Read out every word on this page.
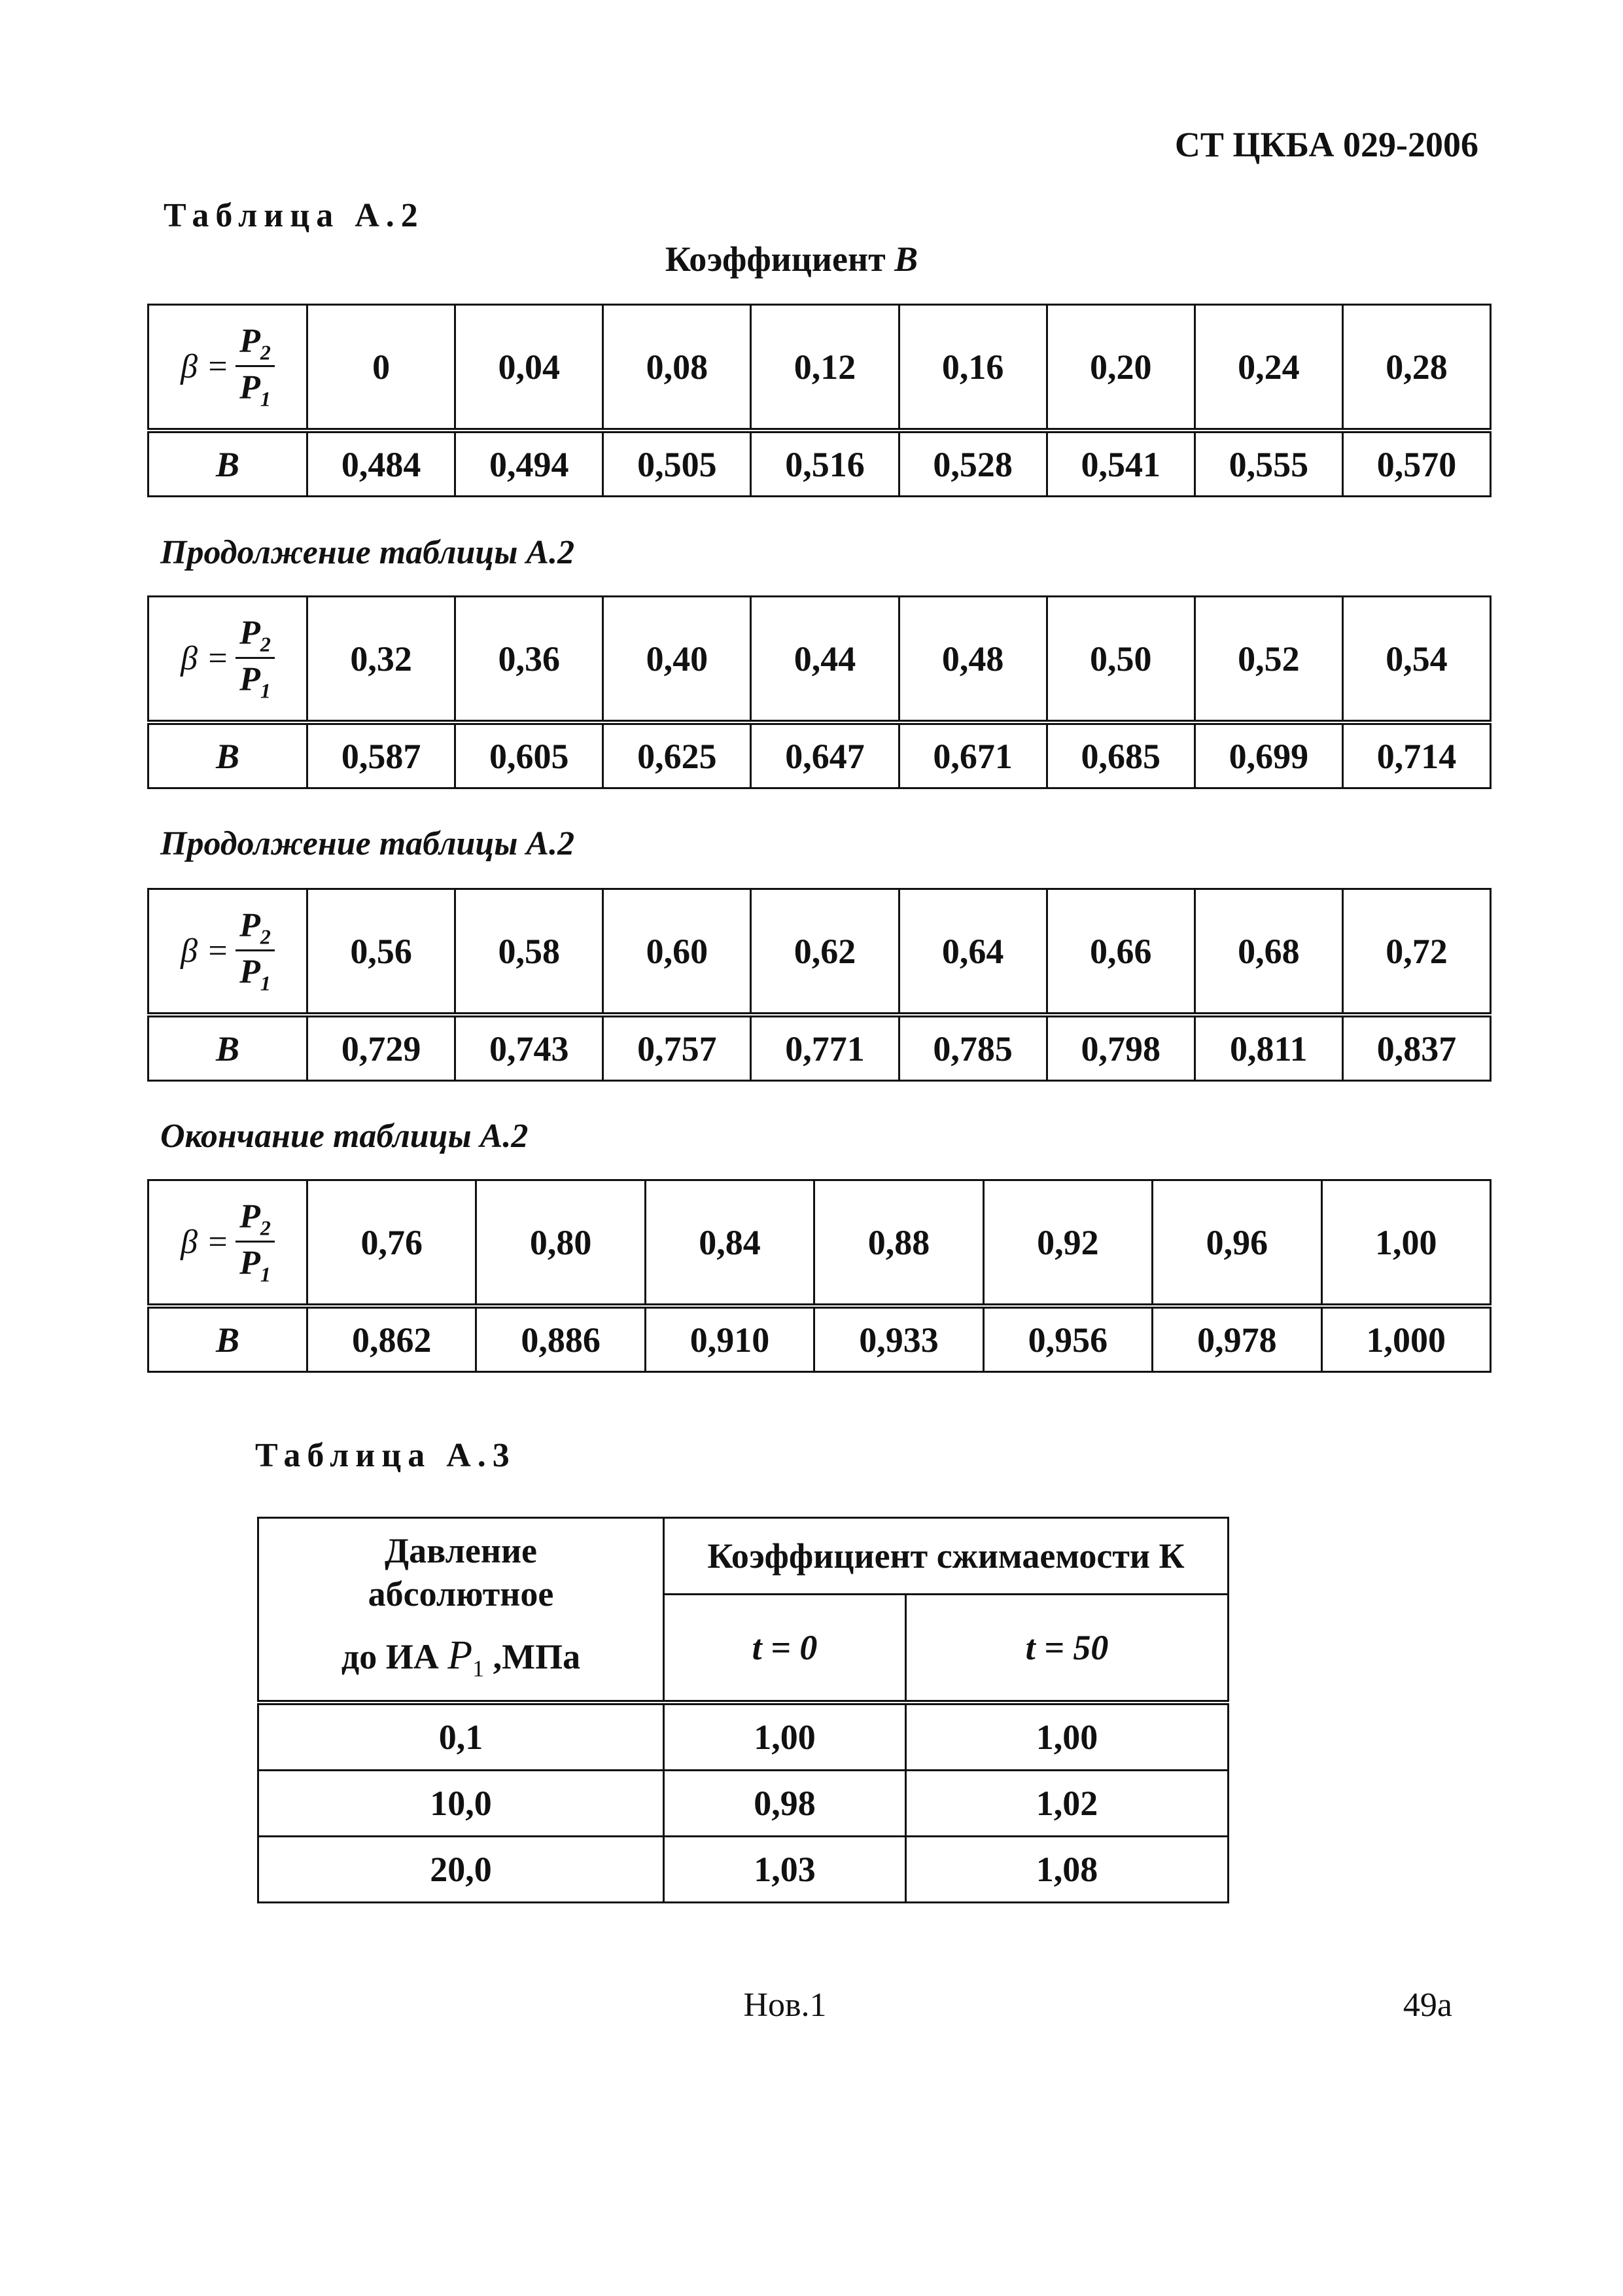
СТ ЦКБА 029-2006
Таблица А.2
Коэффициент B
$\beta = \frac{P_2}{P_1}$	0	0,04	0,08	0,12	0,16	0,20	0,24	0,28
B	0,484	0,494	0,505	0,516	0,528	0,541	0,555	0,570
Продолжение таблицы А.2
$\beta = \frac{P_2}{P_1}$	0,32	0,36	0,40	0,44	0,48	0,50	0,52	0,54
B	0,587	0,605	0,625	0,647	0,671	0,685	0,699	0,714
Продолжение таблицы А.2
$\beta = \frac{P_2}{P_1}$	0,56	0,58	0,60	0,62	0,64	0,66	0,68	0,72
B	0,729	0,743	0,757	0,771	0,785	0,798	0,811	0,837
Окончание таблицы А.2
$\beta = \frac{P_2}{P_1}$	0,76	0,80	0,84	0,88	0,92	0,96	1,00
B	0,862	0,886	0,910	0,933	0,956	0,978	1,000
Таблица А.3
Давление
абсолютное
до ИА $P_1$ ,МПа	Коэффициент сжимаемости К	
	t = 0	t = 50
0,1	1,00	1,00
10,0	0,98	1,02
20,0	1,03	1,08
Нов.1	49а
